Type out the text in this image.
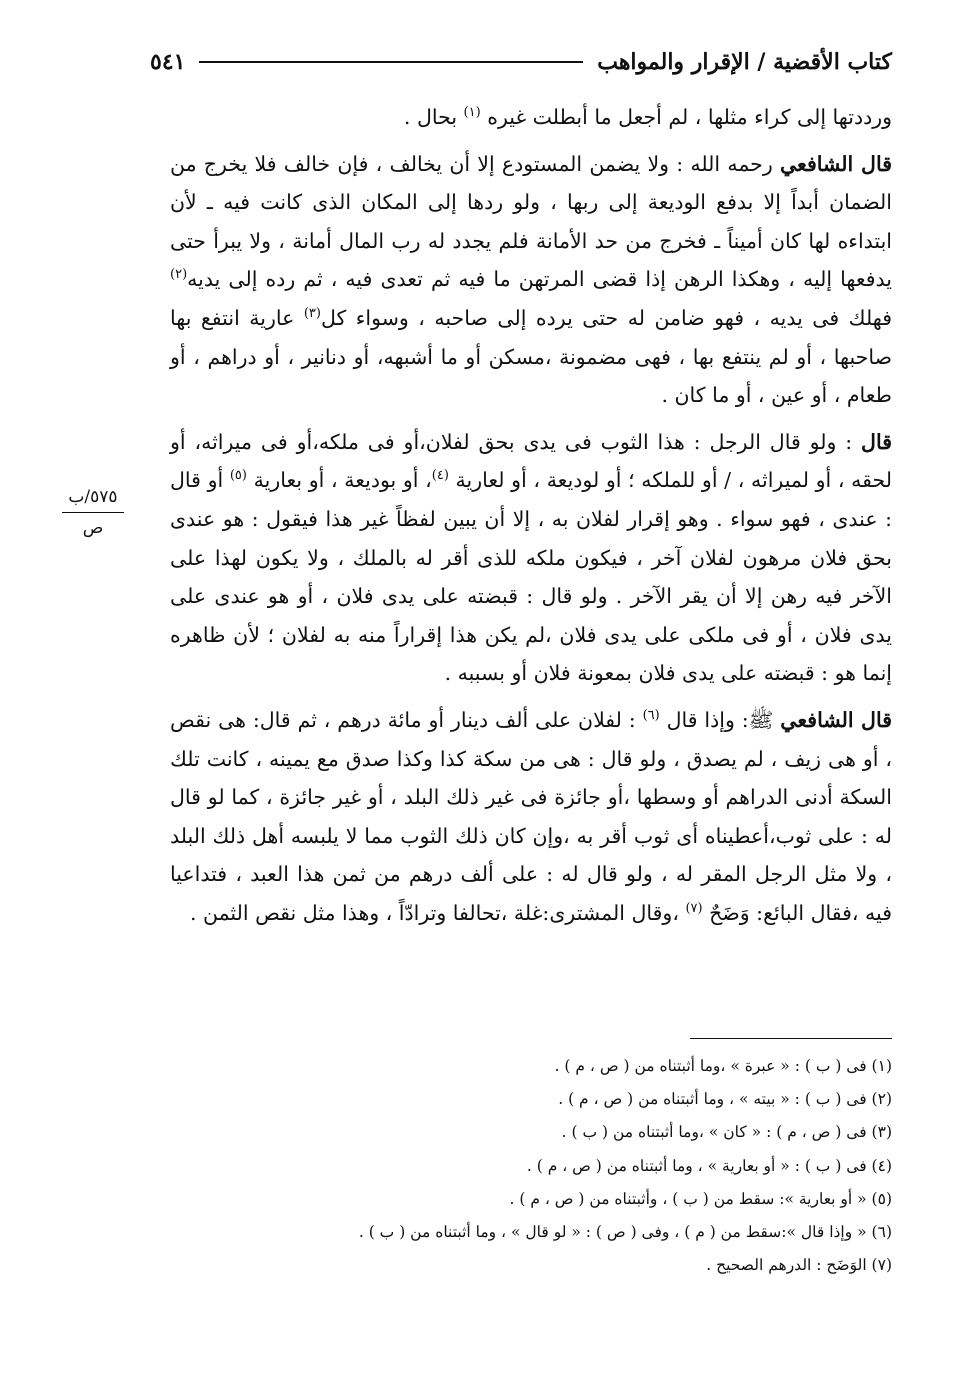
كتاب الأقضية / الإقرار والمواهب
٥٤١
٥٧٥/ب
ص

ورددتها إلى كراء مثلها ، لم أجعل ما أبطلت غيره $^{(١)}$ بحال .

قال الشافعي رحمه الله : ولا يضمن المستودع إلا أن يخالف ، فإن خالف فلا يخرج من الضمان أبداً إلا بدفع الوديعة إلى ربها ، ولو ردها إلى المكان الذى كانت فيه ـ لأن ابتداءه لها كان أميناً ـ فخرج من حد الأمانة فلم يجدد له رب المال أمانة ، ولا يبرأ حتى يدفعها إليه ، وهكذا الرهن إذا قضى المرتهن ما فيه ثم تعدى فيه ، ثم رده إلى يديه$^{(٢)}$ فهلك فى يديه ، فهو ضامن له حتى يرده إلى صاحبه ، وسواء كل$^{(٣)}$ عارية انتفع بها صاحبها ، أو لم ينتفع بها ، فهى مضمونة ،مسكن أو ما أشبهه، أو دنانير ، أو دراهم ، أو طعام ، أو عين ، أو ما كان .

قال : ولو قال الرجل : هذا الثوب فى يدى بحق لفلان،أو فى ملكه،أو فى ميراثه، أو لحقه ، أو لميراثه ، / أو للملكه ؛ أو لوديعة ، أو لعارية $^{(٤)}$، أو بوديعة ، أو بعارية $^{(٥)}$ أو قال : عندى ، فهو سواء . وهو إقرار لفلان به ، إلا أن يبين لفظاً غير هذا فيقول : هو عندى بحق فلان مرهون لفلان آخر ، فيكون ملكه للذى أقر له بالملك ، ولا يكون لهذا على الآخر فيه رهن إلا أن يقر الآخر . ولو قال : قبضته على يدى فلان ، أو هو عندى على يدى فلان ، أو فى ملكى على يدى فلان ،لم يكن هذا إقراراً منه به لفلان ؛ لأن ظاهره إنما هو : قبضته على يدى فلان بمعونة فلان أو بسببه .

قال الشافعي ﷺ: وإذا قال $^{(٦)}$ : لفلان على ألف دينار أو مائة درهم ، ثم قال: هى نقص ، أو هى زيف ، لم يصدق ، ولو قال : هى من سكة كذا وكذا صدق مع يمينه ، كانت تلك السكة أدنى الدراهم أو وسطها ،أو جائزة فى غير ذلك البلد ، أو غير جائزة ، كما لو قال له : على ثوب،أعطيناه أى ثوب أقر به ،وإن كان ذلك الثوب مما لا يلبسه أهل ذلك البلد ، ولا مثل الرجل المقر له ، ولو قال له : على ألف درهم من ثمن هذا العبد ، فتداعيا فيه ،فقال البائع: وَضَحٌ $^{(٧)}$ ،وقال المشترى:غلة ،تحالفا وترادّاً ، وهذا مثل نقص الثمن .

(١) فى ( ب ) : « عبرة » ،وما أثبتناه من ( ص ، م ) .
(٢) فى ( ب ) : « بيته » ، وما أثبتناه من ( ص ، م ) .
(٣) فى ( ص ، م ) : « كان » ،وما أثبتناه من ( ب ) .
(٤) فى ( ب ) : « أو بعارية » ، وما أثبتناه من ( ص ، م ) .
(٥) « أو بعارية »: سقط من ( ب ) ، وأثبتناه من ( ص ، م ) .
(٦) « وإذا قال »:سقط من ( م ) ، وفى ( ص ) : « لو قال » ، وما أثبتناه من ( ب ) .
(٧) الوَضَح : الدرهم الصحيح .
